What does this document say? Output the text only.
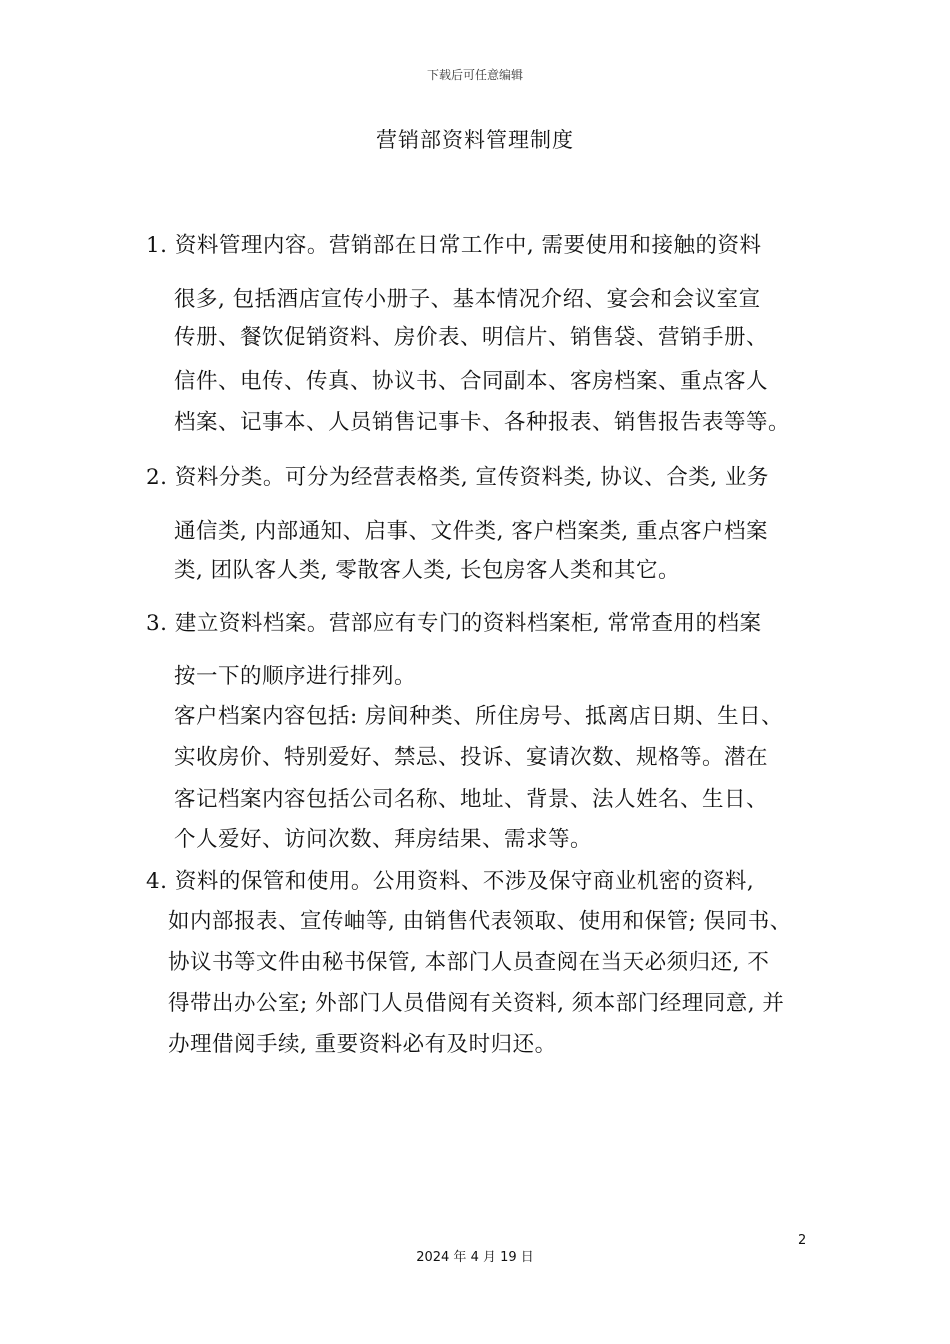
下载后可任意编辑
营销部资料管理制度
1. 资料管理内容。营销部在日常工作中, 需要使用和接触的资料
很多, 包括酒店宣传小册子、基本情况介绍、宴会和会议室宣
传册、餐饮促销资料、房价表、明信片、销售袋、营销手册、
信件、电传、传真、协议书、合同副本、客房档案、重点客人
档案、记事本、人员销售记事卡、各种报表、销售报告表等等。
2. 资料分类。可分为经营表格类, 宣传资料类, 协议、合类, 业务
通信类, 内部通知、启事、文件类, 客户档案类, 重点客户档案
类, 团队客人类, 零散客人类, 长包房客人类和其它。
3. 建立资料档案。营部应有专门的资料档案柜, 常常查用的档案
按一下的顺序进行排列。
客户档案内容包括: 房间种类、所住房号、抵离店日期、生日、
实收房价、特别爱好、禁忌、投诉、宴请次数、规格等。潜在
客记档案内容包括公司名称、地址、背景、法人姓名、生日、
个人爱好、访问次数、拜房结果、需求等。
4. 资料的保管和使用。公用资料、不涉及保守商业机密的资料,
如内部报表、宣传岫等, 由销售代表领取、使用和保管; 俣同书、
协议书等文件由秘书保管, 本部门人员查阅在当天必须归还, 不
得带出办公室; 外部门人员借阅有关资料, 须本部门经理同意, 并
办理借阅手续, 重要资料必有及时归还。
2
2024 年 4 月 19 日
